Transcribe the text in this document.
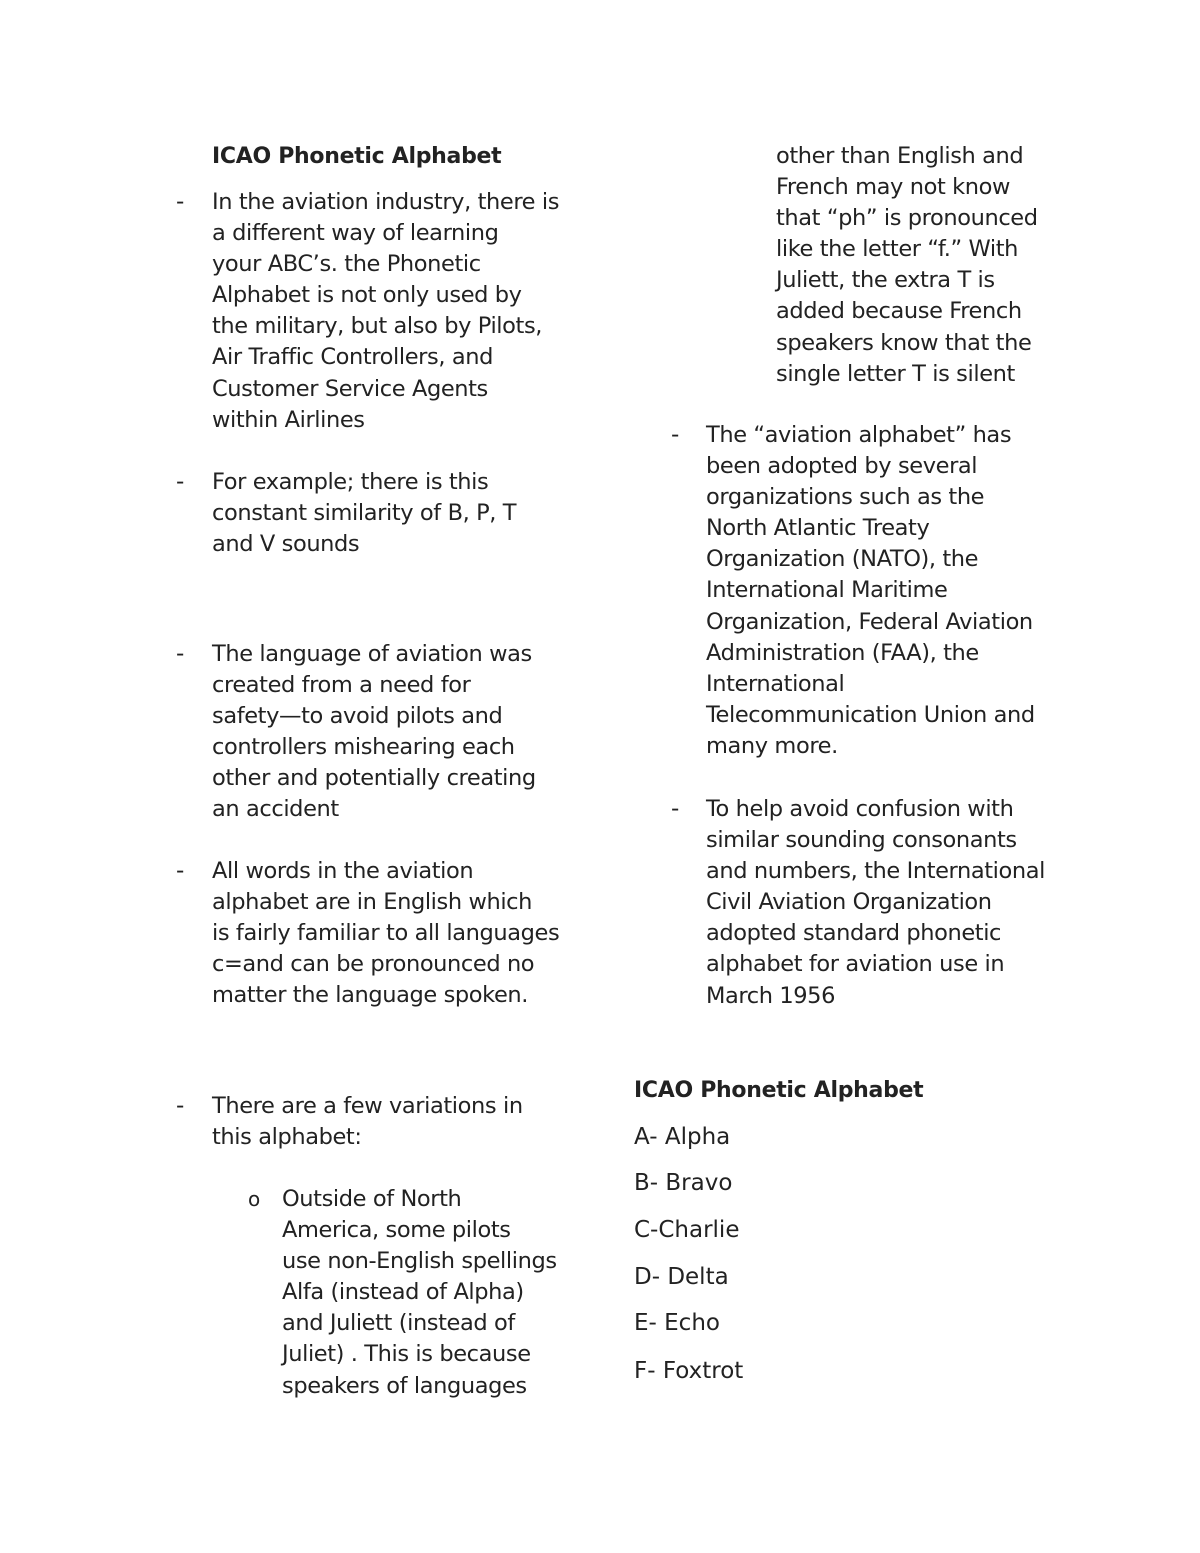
ICAO Phonetic Alphabet
- In the aviation industry, there is
a different way of learning
your ABC’s. the Phonetic
Alphabet is not only used by
the military, but also by Pilots,
Air Traffic Controllers, and
Customer Service Agents
within Airlines
- For example; there is this
constant similarity of B, P, T
and V sounds
- The language of aviation was
created from a need for
safety—to avoid pilots and
controllers mishearing each
other and potentially creating
an accident
- All words in the aviation
alphabet are in English which
is fairly familiar to all languages
c=and can be pronounced no
matter the language spoken.
- There are a few variations in
this alphabet:
o Outside of North
America, some pilots
use non-English spellings
Alfa (instead of Alpha)
and Juliett (instead of
Juliet) . This is because
speakers of languages
other than English and
French may not know
that “ph” is pronounced
like the letter “f.” With
Juliett, the extra T is
added because French
speakers know that the
single letter T is silent
- The “aviation alphabet” has
been adopted by several
organizations such as the
North Atlantic Treaty
Organization (NATO), the
International Maritime
Organization, Federal Aviation
Administration (FAA), the
International
Telecommunication Union and
many more.
- To help avoid confusion with
similar sounding consonants
and numbers, the International
Civil Aviation Organization
adopted standard phonetic
alphabet for aviation use in
March 1956
ICAO Phonetic Alphabet
A- Alpha
B- Bravo
C-Charlie
D- Delta
E- Echo
F- Foxtrot
